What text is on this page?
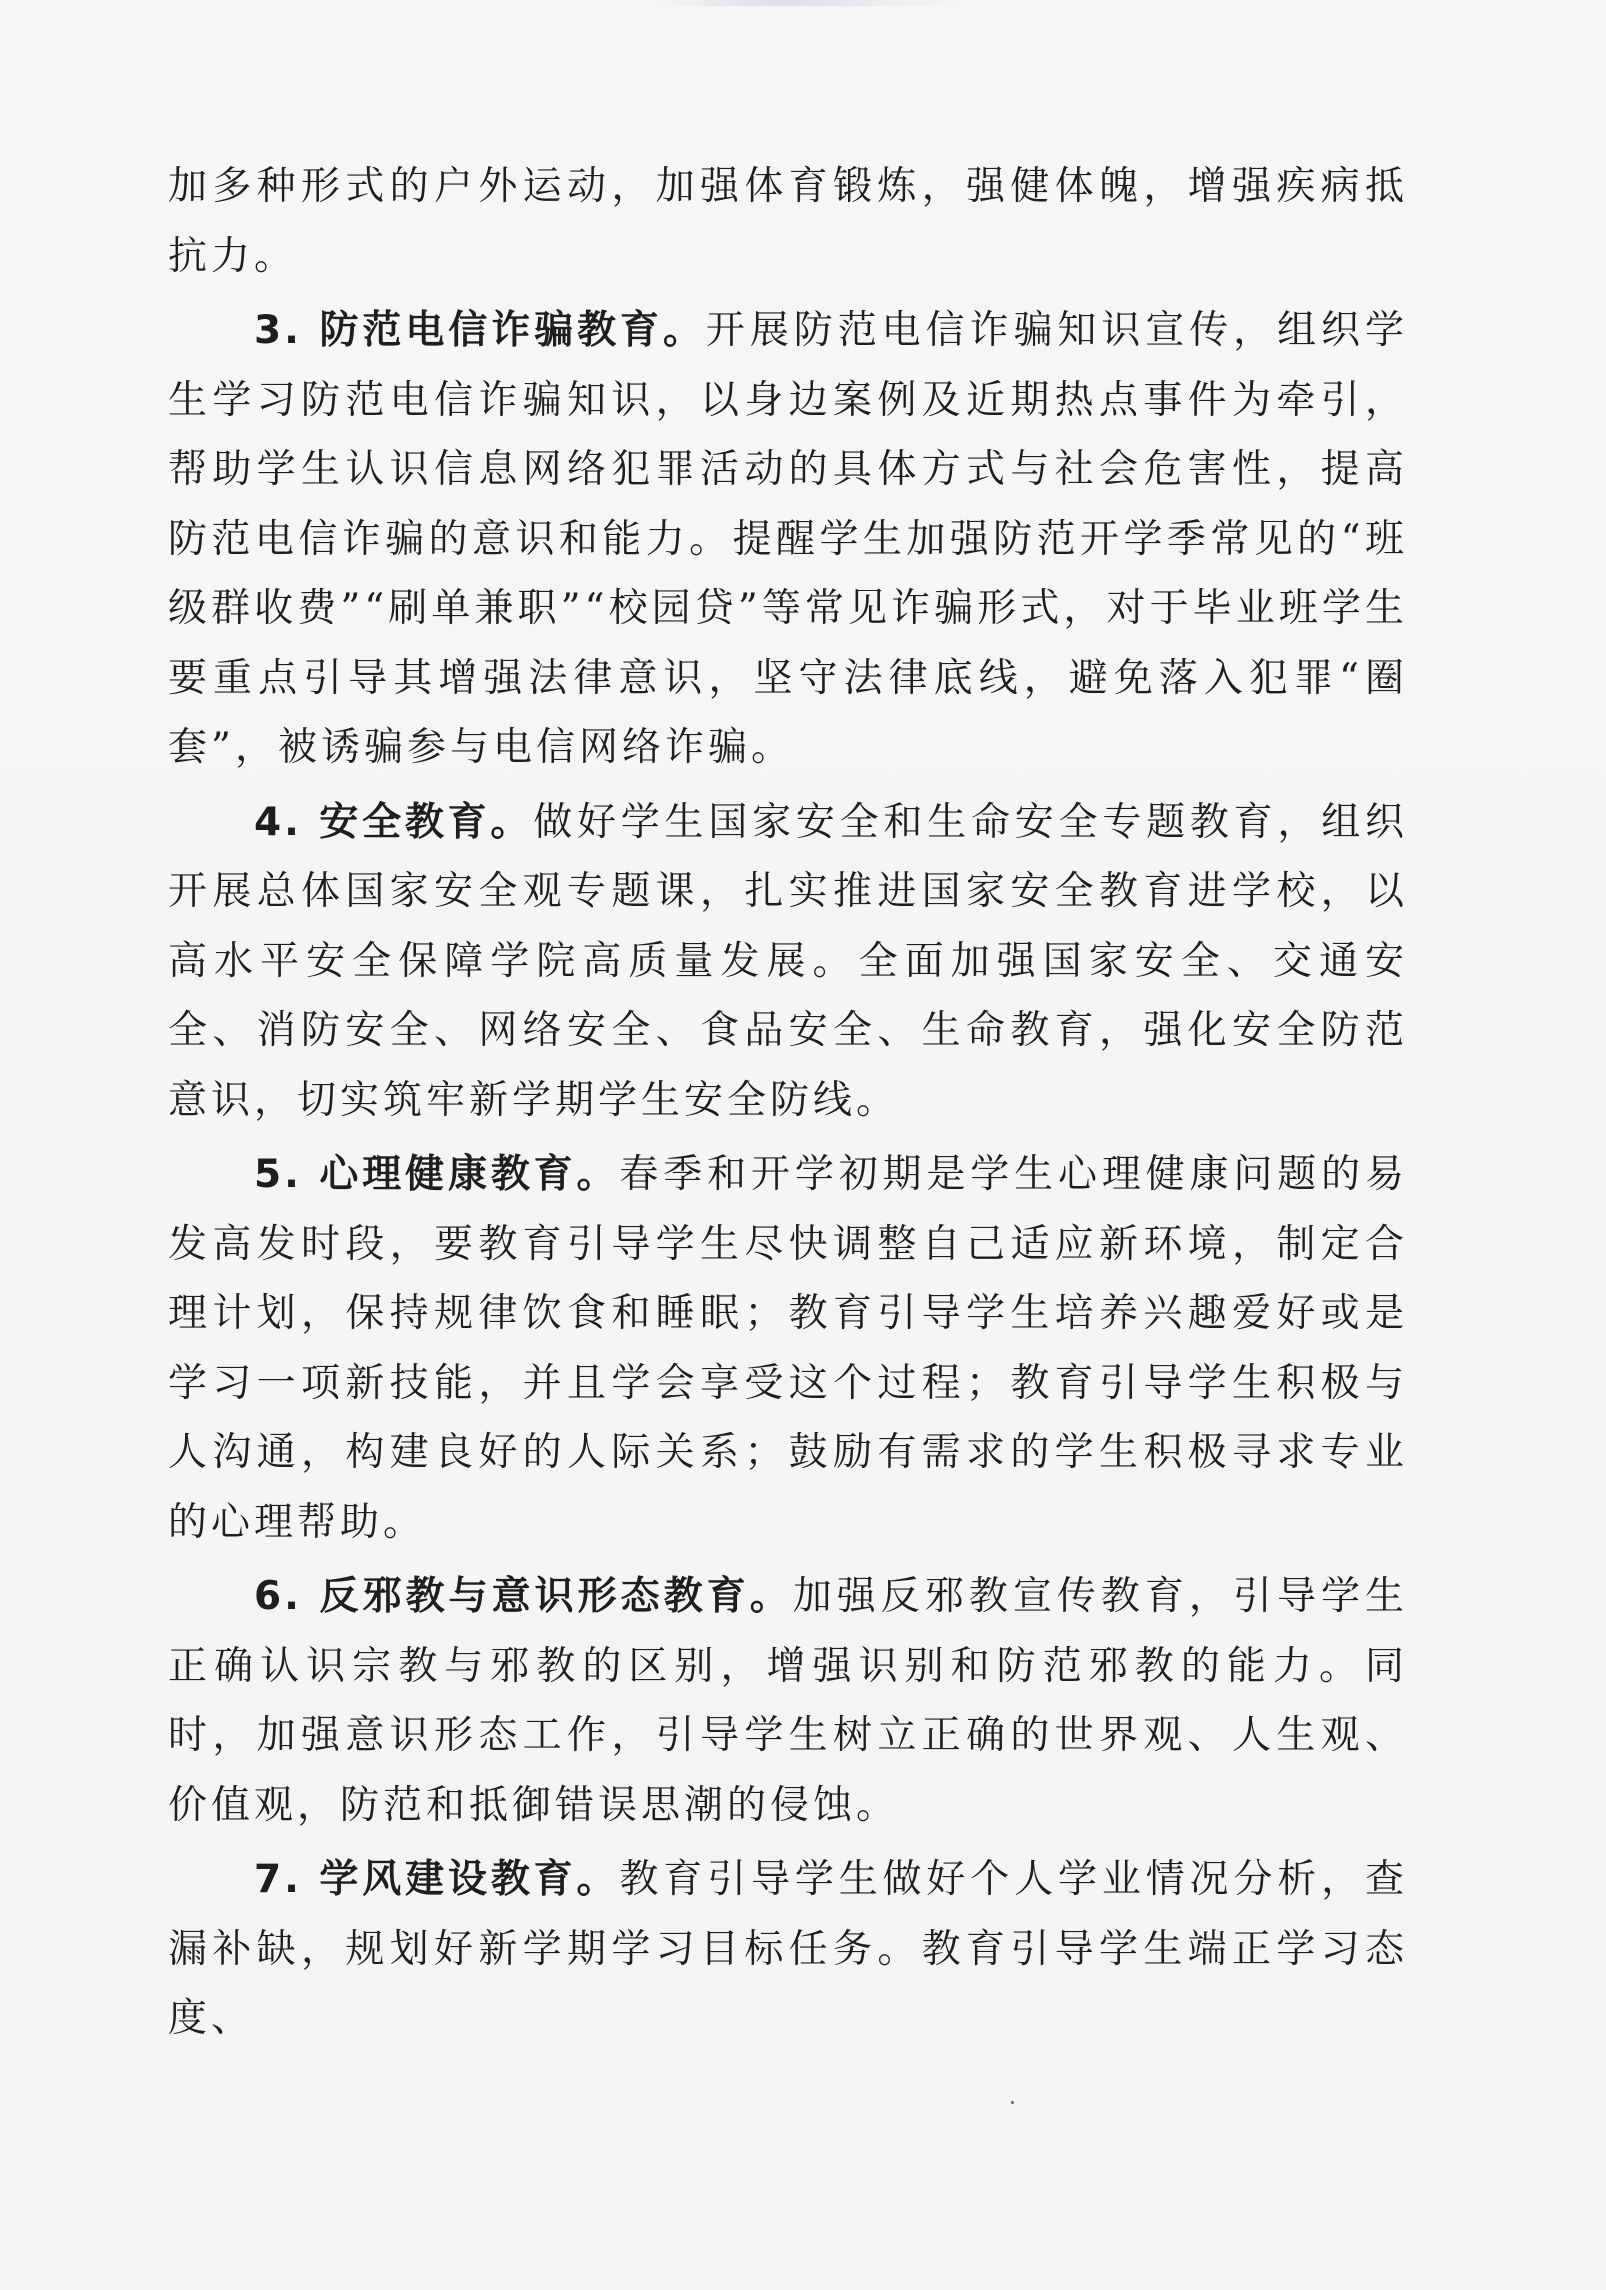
加多种形式的户外运动，加强体育锻炼，强健体魄，增强疾病抵抗力。

3. 防范电信诈骗教育。开展防范电信诈骗知识宣传，组织学生学习防范电信诈骗知识，以身边案例及近期热点事件为牵引，帮助学生认识信息网络犯罪活动的具体方式与社会危害性，提高防范电信诈骗的意识和能力。提醒学生加强防范开学季常见的“班级群收费”“刷单兼职”“校园贷”等常见诈骗形式，对于毕业班学生要重点引导其增强法律意识，坚守法律底线，避免落入犯罪“圈套”，被诱骗参与电信网络诈骗。

4. 安全教育。做好学生国家安全和生命安全专题教育，组织开展总体国家安全观专题课，扎实推进国家安全教育进学校，以高水平安全保障学院高质量发展。全面加强国家安全、交通安全、消防安全、网络安全、食品安全、生命教育，强化安全防范意识，切实筑牢新学期学生安全防线。

5. 心理健康教育。春季和开学初期是学生心理健康问题的易发高发时段，要教育引导学生尽快调整自己适应新环境，制定合理计划，保持规律饮食和睡眠；教育引导学生培养兴趣爱好或是学习一项新技能，并且学会享受这个过程；教育引导学生积极与人沟通，构建良好的人际关系；鼓励有需求的学生积极寻求专业的心理帮助。

6. 反邪教与意识形态教育。加强反邪教宣传教育，引导学生正确认识宗教与邪教的区别，增强识别和防范邪教的能力。同时，加强意识形态工作，引导学生树立正确的世界观、人生观、价值观，防范和抵御错误思潮的侵蚀。

7. 学风建设教育。教育引导学生做好个人学业情况分析，查漏补缺，规划好新学期学习目标任务。教育引导学生端正学习态度、
